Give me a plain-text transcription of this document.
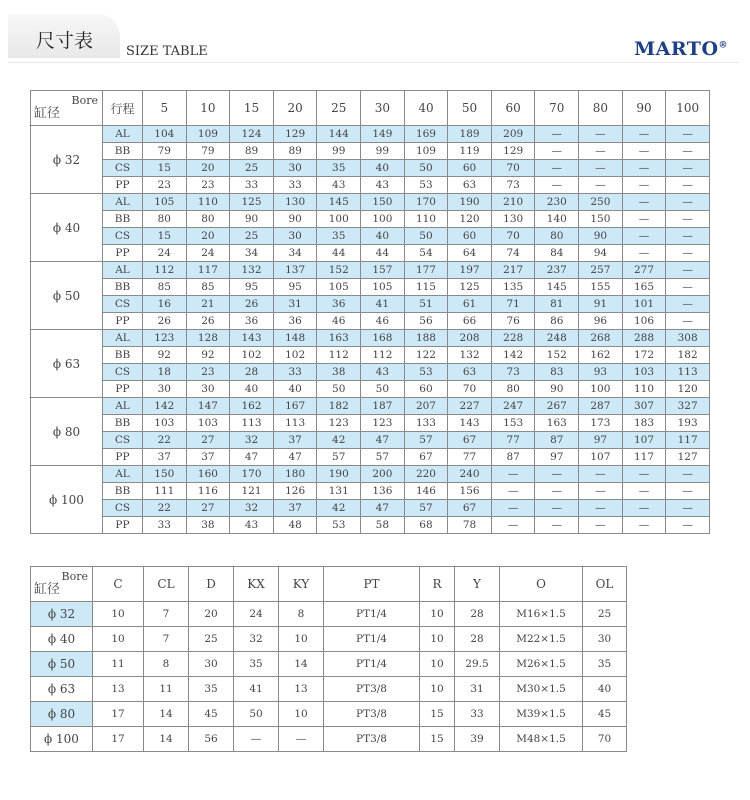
尺寸表	SIZE TABLE	MARTO®
Bore
缸径	行程	5	10	15	20	25	30	40	50	60	70	80	90	100
ϕ 32	AL	104	109	124	129	144	149	169	189	209	—	—	—	—
	BB	79	79	89	89	99	99	109	119	129	—	—	—	—
	CS	15	20	25	30	35	40	50	60	70	—	—	—	—
	PP	23	23	33	33	43	43	53	63	73	—	—	—	—
ϕ 40	AL	105	110	125	130	145	150	170	190	210	230	250	—	—
	BB	80	80	90	90	100	100	110	120	130	140	150	—	—
	CS	15	20	25	30	35	40	50	60	70	80	90	—	—
	PP	24	24	34	34	44	44	54	64	74	84	94	—	—
ϕ 50	AL	112	117	132	137	152	157	177	197	217	237	257	277	—
	BB	85	85	95	95	105	105	115	125	135	145	155	165	—
	CS	16	21	26	31	36	41	51	61	71	81	91	101	—
	PP	26	26	36	36	46	46	56	66	76	86	96	106	—
ϕ 63	AL	123	128	143	148	163	168	188	208	228	248	268	288	308
	BB	92	92	102	102	112	112	122	132	142	152	162	172	182
	CS	18	23	28	33	38	43	53	63	73	83	93	103	113
	PP	30	30	40	40	50	50	60	70	80	90	100	110	120
ϕ 80	AL	142	147	162	167	182	187	207	227	247	267	287	307	327
	BB	103	103	113	113	123	123	133	143	153	163	173	183	193
	CS	22	27	32	37	42	47	57	67	77	87	97	107	117
	PP	37	37	47	47	57	57	67	77	87	97	107	117	127
ϕ 100	AL	150	160	170	180	190	200	220	240	—	—	—	—	—
	BB	111	116	121	126	131	136	146	156	—	—	—	—	—
	CS	22	27	32	37	42	47	57	67	—	—	—	—	—
	PP	33	38	43	48	53	58	68	78	—	—	—	—	—
Bore
缸径	C	CL	D	KX	KY	PT	R	Y	O	OL
ϕ 32	10	7	20	24	8	PT1/4	10	28	M16×1.5	25
ϕ 40	10	7	25	32	10	PT1/4	10	28	M22×1.5	30
ϕ 50	11	8	30	35	14	PT1/4	10	29.5	M26×1.5	35
ϕ 63	13	11	35	41	13	PT3/8	10	31	M30×1.5	40
ϕ 80	17	14	45	50	10	PT3/8	15	33	M39×1.5	45
ϕ 100	17	14	56	—	—	PT3/8	15	39	M48×1.5	70
